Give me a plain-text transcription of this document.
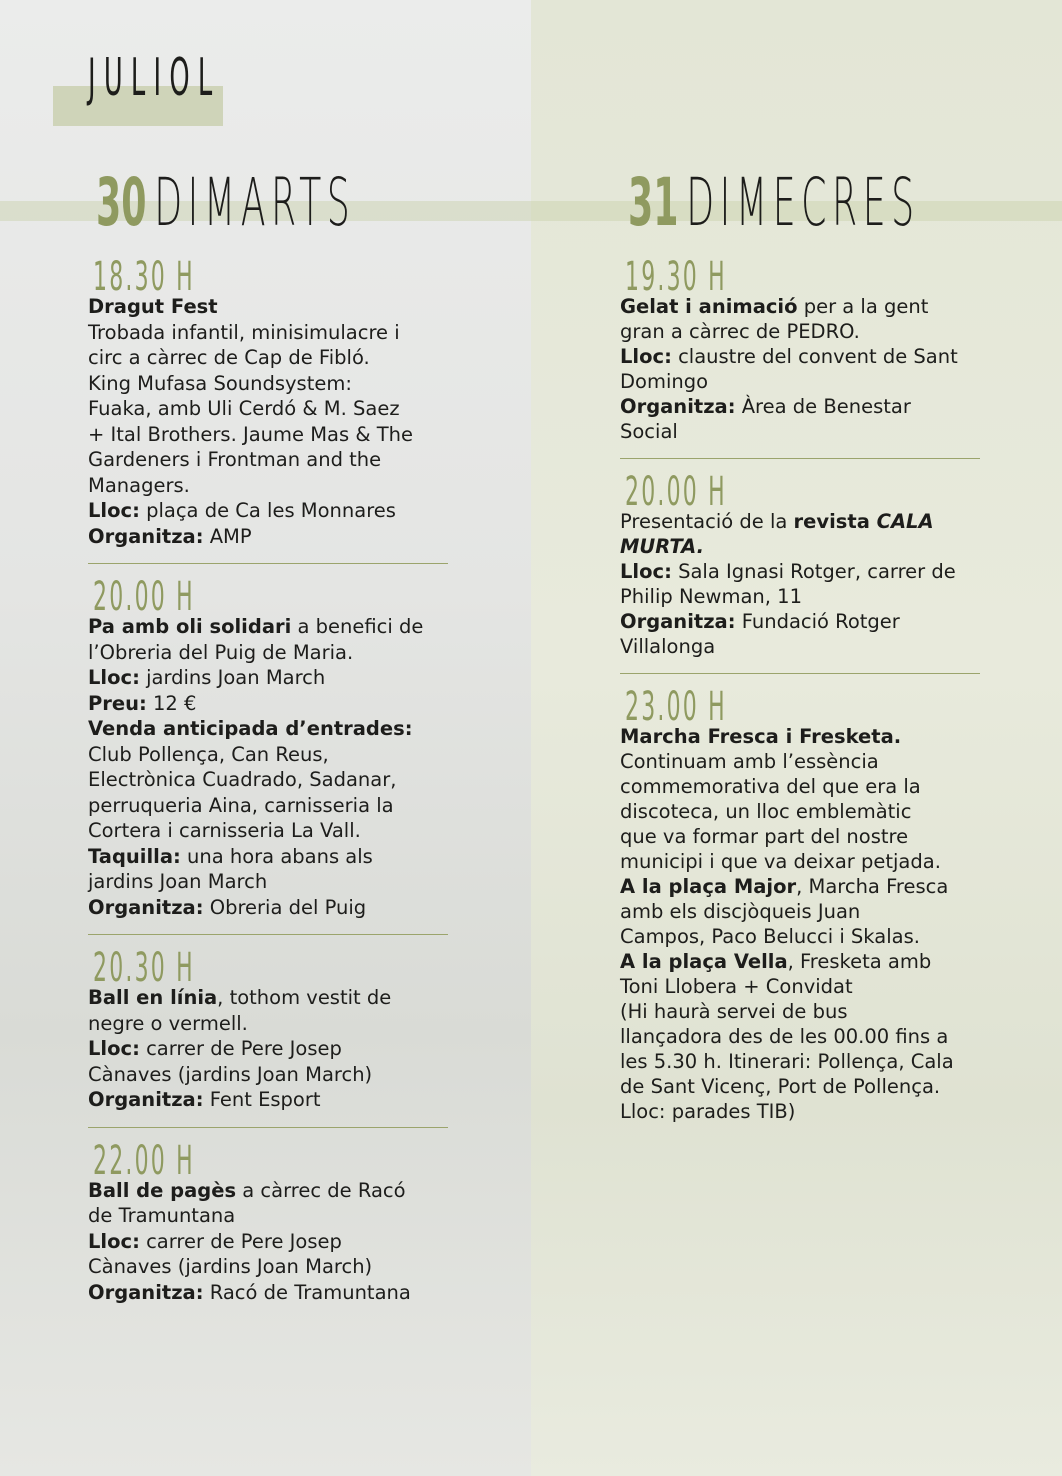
JULIOL
30 DIMARTS
18.30 H

Dragut Fest

Trobada infantil, minisimulacre i

circ a càrrec de Cap de Fibló.

King Mufasa Soundsystem:

Fuaka, amb Uli Cerdó & M. Saez

+ Ital Brothers. Jaume Mas & The

Gardeners i Frontman and the

Managers.

Lloc: plaça de Ca les Monnares

Organitza: AMP

20.00 H

Pa amb oli solidari a benefici de

l’Obreria del Puig de Maria.

Lloc: jardins Joan March

Preu: 12 €

Venda anticipada d’entrades:

Club Pollença, Can Reus,

Electrònica Cuadrado, Sadanar,

perruqueria Aina, carnisseria la

Cortera i carnisseria La Vall.

Taquilla: una hora abans als

jardins Joan March

Organitza: Obreria del Puig

20.30 H

Ball en línia, tothom vestit de

negre o vermell.

Lloc: carrer de Pere Josep

Cànaves (jardins Joan March)

Organitza: Fent Esport

22.00 H

Ball de pagès a càrrec de Racó

de Tramuntana

Lloc: carrer de Pere Josep

Cànaves (jardins Joan March)

Organitza: Racó de Tramuntana

31 DIMECRES
19.30 H

Gelat i animació per a la gent

gran a càrrec de PEDRO.

Lloc: claustre del convent de Sant

Domingo

Organitza: Àrea de Benestar

Social

20.00 H

Presentació de la revista CALA

MURTA.

Lloc: Sala Ignasi Rotger, carrer de

Philip Newman, 11

Organitza: Fundació Rotger

Villalonga

23.00 H

Marcha Fresca i Fresketa.

Continuam amb l’essència

commemorativa del que era la

discoteca, un lloc emblemàtic

que va formar part del nostre

municipi i que va deixar petjada.

A la plaça Major, Marcha Fresca

amb els discjòqueis Juan

Campos, Paco Belucci i Skalas.

A la plaça Vella, Fresketa amb

Toni Llobera + Convidat

(Hi haurà servei de bus

llançadora des de les 00.00 fins a

les 5.30 h. Itinerari: Pollença, Cala

de Sant Vicenç, Port de Pollença.

Lloc: parades TIB)
